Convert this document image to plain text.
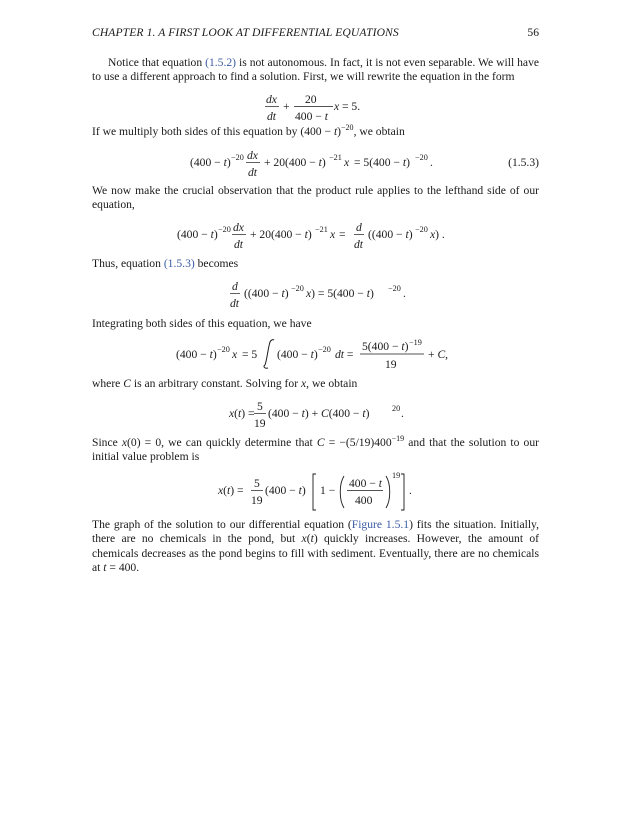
CHAPTER 1. A FIRST LOOK AT DIFFERENTIAL EQUATIONS	56
Notice that equation (1.5.2) is not autonomous. In fact, it is not even separable. We will have to use a different approach to find a solution. First, we will rewrite the equation in the form
dx
dt
+
20
400 − t
x = 5.
If we multiply both sides of this equation by $(400 - t)^{-20}$, we obtain
(400 − t) −20 dx
dt
+ 20(400 − t) −21 x = 5(400 − t) −20 .	(1.5.3)
We now make the crucial observation that the product rule applies to the lefthand side of our equation,
(400 − t) −20 dx
dt
+ 20(400 − t) −21 x =
d
dt
((400 − t) −20 x) .
Thus, equation (1.5.3) becomes
d
dt
((400 − t) −20 x) = 5(400 − t) −20 .
Integrating both sides of this equation, we have
(400 − t) −20 x = 5 (400 − t) −20 dt =
5(400 − t) −19
19
+ C,
where C is an arbitrary constant. Solving for x, we obtain
x(t) =
5
19
(400 − t) + C(400 − t)	20 .
Since x(0) = 0, we can quickly determine that $C = -(5/19)400^{-19}$ and that the solution to our initial value problem is
x(t) =
5
19
(400 − t) 1 −
400 − t
400
19
.
The graph of the solution to our differential equation (Figure 1.5.1) fits the situation. Initially, there are no chemicals in the pond, but x(t) quickly increases. However, the amount of chemicals decreases as the pond begins to fill with sediment. Eventually, there are no chemicals at t = 400.
